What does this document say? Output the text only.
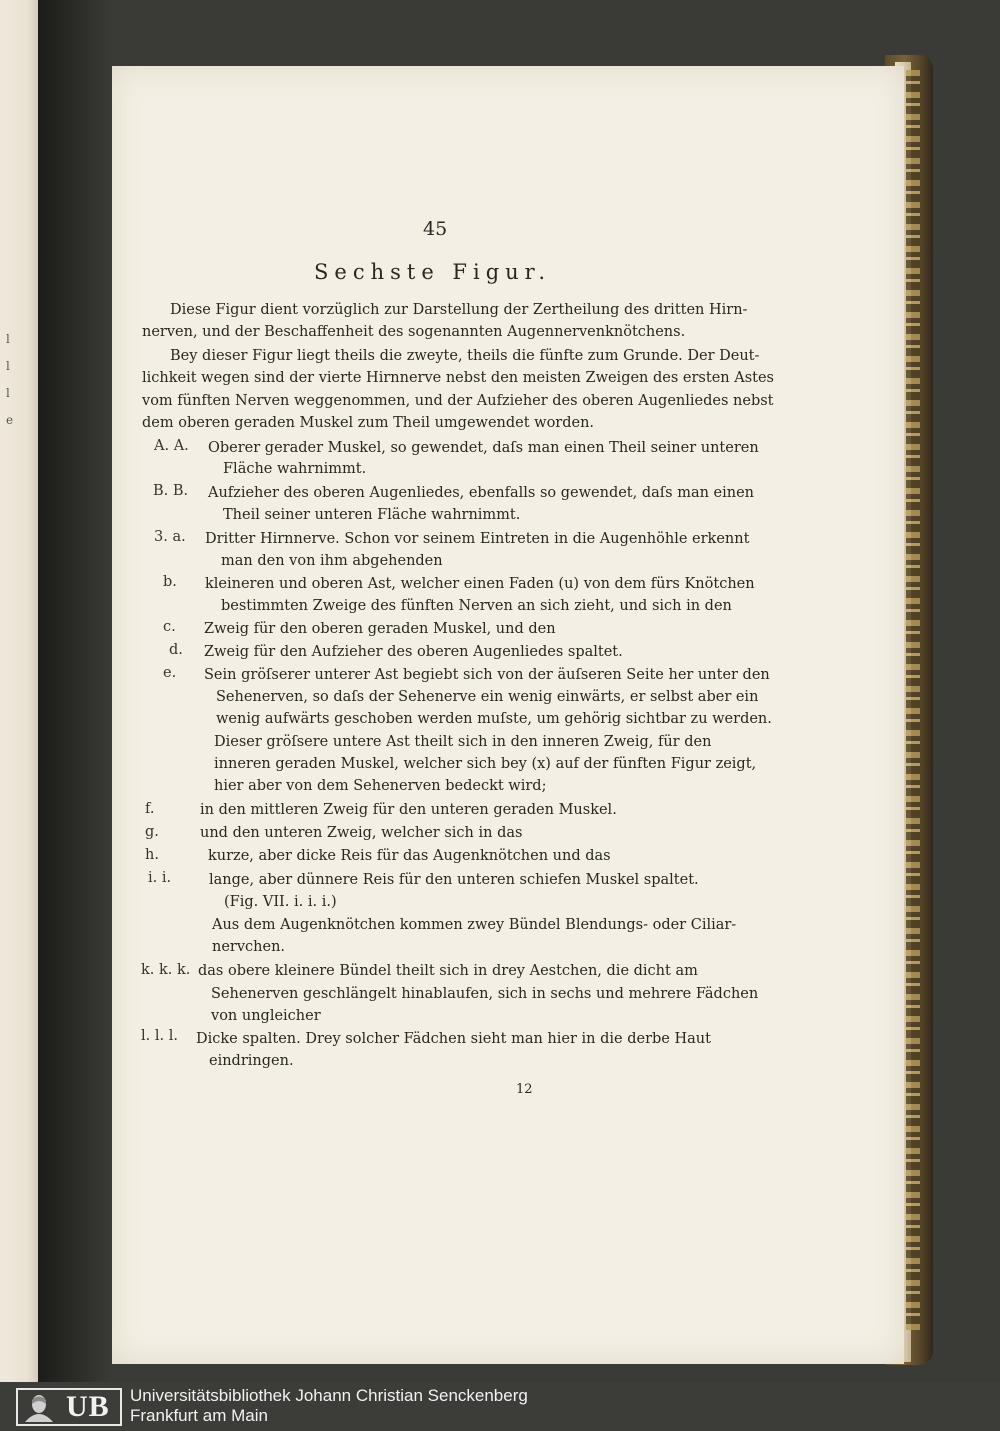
l
l
l
e
45
Sechste Figur.
Diese Figur dient vorzüglich zur Darstellung der Zertheilung des dritten Hirn-
nerven, und der Beschaffenheit des sogenannten Augennervenknötchens.
Bey dieser Figur liegt theils die zweyte, theils die fünfte zum Grunde. Der Deut-
lichkeit wegen sind der vierte Hirnnerve nebst den meisten Zweigen des ersten Astes
vom fünften Nerven weggenommen, und der Aufzieher des oberen Augenliedes nebst
dem oberen geraden Muskel zum Theil umgewendet worden.
A. A. Oberer gerader Muskel, so gewendet, daſs man einen Theil seiner unteren
Fläche wahrnimmt.
B. B. Aufzieher des oberen Augenliedes, ebenfalls so gewendet, daſs man einen
Theil seiner unteren Fläche wahrnimmt.
3. a. Dritter Hirnnerve. Schon vor seinem Eintreten in die Augenhöhle erkennt
man den von ihm abgehenden
b. kleineren und oberen Ast, welcher einen Faden (u) von dem fürs Knötchen
bestimmten Zweige des fünften Nerven an sich zieht, und sich in den
c. Zweig für den oberen geraden Muskel, und den
d. Zweig für den Aufzieher des oberen Augenliedes spaltet.
e. Sein gröſserer unterer Ast begiebt sich von der äuſseren Seite her unter den
Sehenerven, so daſs der Sehenerve ein wenig einwärts, er selbst aber ein
wenig aufwärts geschoben werden muſste, um gehörig sichtbar zu werden.
Dieser gröſsere untere Ast theilt sich in den inneren Zweig, für den
inneren geraden Muskel, welcher sich bey (x) auf der fünften Figur zeigt,
hier aber von dem Sehenerven bedeckt wird;
f.	in den mittleren Zweig für den unteren geraden Muskel.
g.	und den unteren Zweig, welcher sich in das
h.	kurze, aber dicke Reis für das Augenknötchen und das
i. i.	lange, aber dünnere Reis für den unteren schiefen Muskel spaltet.
(Fig. VII. i. i. i.)
Aus dem Augenknötchen kommen zwey Bündel Blendungs- oder Ciliar-
nervchen.
k. k. k. das obere kleinere Bündel theilt sich in drey Aestchen, die dicht am
Sehenerven geschlängelt hinablaufen, sich in sechs und mehrere Fädchen
von ungleicher
l. l. l. Dicke spalten. Drey solcher Fädchen sieht man hier in die derbe Haut
eindringen.
12
UB Universitätsbibliothek Johann Christian Senckenberg
Frankfurt am Main
